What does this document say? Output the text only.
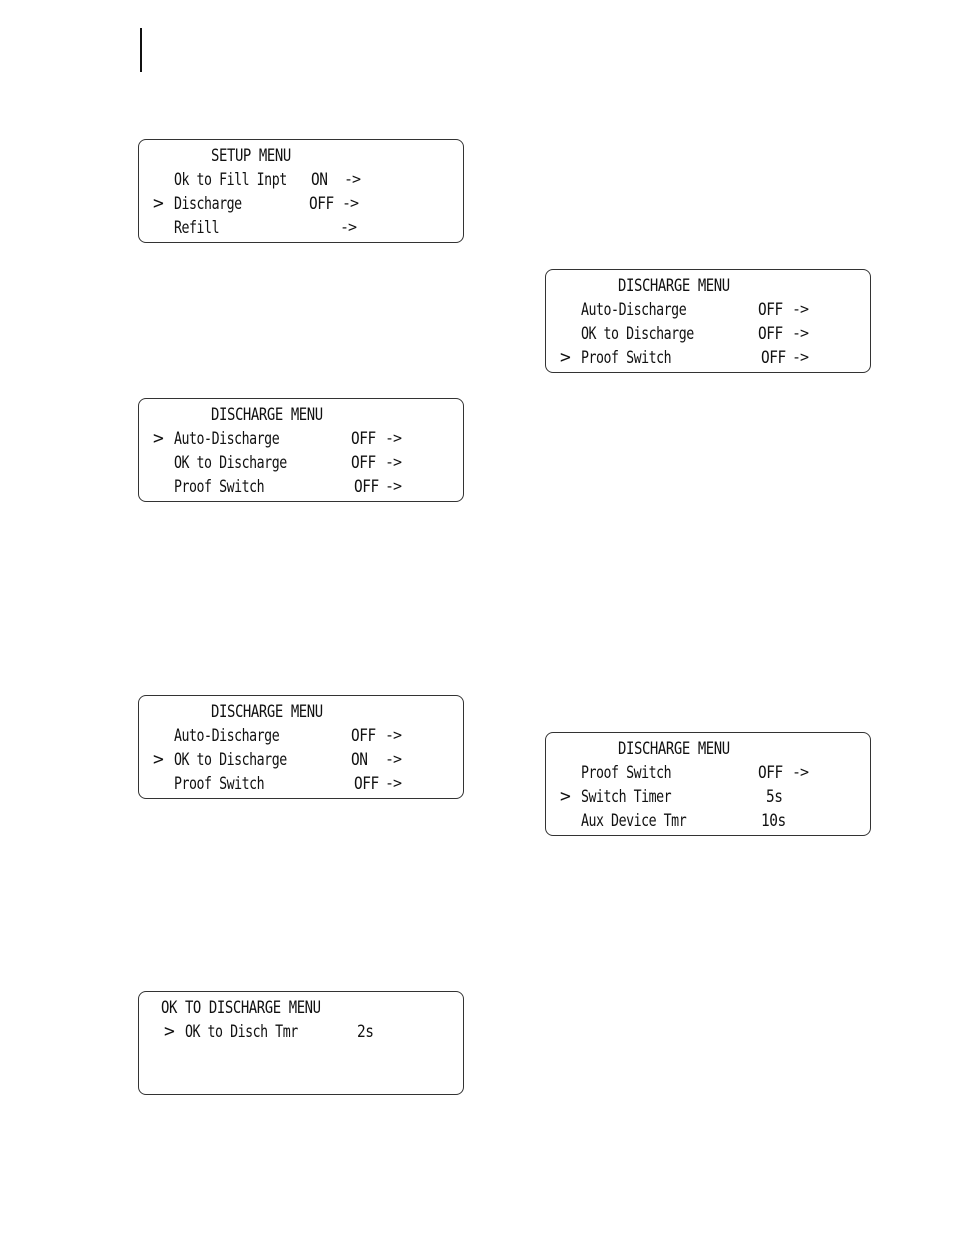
SETUP MENU
Ok to Fill Inpt ON ->
> Discharge	OFF ->
Refill	->
DISCHARGE MENU
> Auto-Discharge	OFF ->
OK to Discharge	OFF ->
Proof Switch	OFF ->
DISCHARGE MENU
Auto-Discharge	OFF ->
> OK to Discharge	ON ->
Proof Switch	OFF ->
OK TO DISCHARGE MENU
> OK to Disch Tmr	2s
DISCHARGE MENU
Auto-Discharge	OFF ->
OK to Discharge	OFF ->
> Proof Switch	OFF ->
DISCHARGE MENU
Proof Switch	OFF ->
> Switch Timer	5s
Aux Device Tmr	10s
